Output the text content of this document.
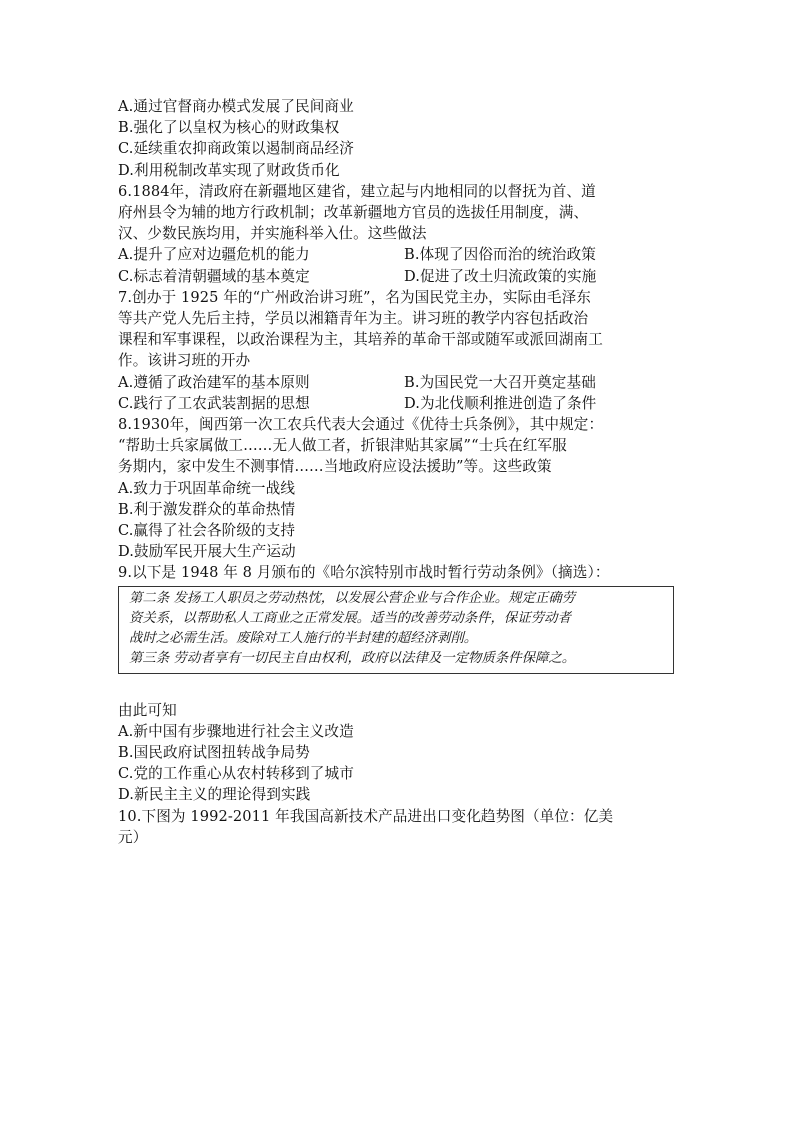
A.通过官督商办模式发展了民间商业
B.强化了以皇权为核心的财政集权
C.延续重农抑商政策以遏制商品经济
D.利用税制改革实现了财政货币化
6.1884年，清政府在新疆地区建省，建立起与内地相同的以督抚为首、道
府州县令为辅的地方行政机制；改革新疆地方官员的选拔任用制度，满、
汉、少数民族均用，并实施科举入仕。这些做法
A.提升了应对边疆危机的能力	B.体现了因俗而治的统治政策
C.标志着清朝疆域的基本奠定	D.促进了改土归流政策的实施
7.创办于 1925 年的“广州政治讲习班”，名为国民党主办，实际由毛泽东
等共产党人先后主持，学员以湘籍青年为主。讲习班的教学内容包括政治
课程和军事课程，以政治课程为主，其培养的革命干部或随军或派回湖南工
作。该讲习班的开办
A.遵循了政治建军的基本原则	B.为国民党一大召开奠定基础
C.践行了工农武装割据的思想	D.为北伐顺利推进创造了条件
8.1930年，闽西第一次工农兵代表大会通过《优待士兵条例》，其中规定：
“帮助士兵家属做工……无人做工者，折银津贴其家属”“士兵在红军服
务期内，家中发生不测事情……当地政府应设法援助”等。这些政策
A.致力于巩固革命统一战线
B.利于激发群众的革命热情
C.赢得了社会各阶级的支持
D.鼓励军民开展大生产运动
9.以下是 1948 年 8 月颁布的《哈尔滨特别市战时暂行劳动条例》（摘选）：
第二条 发扬工人职员之劳动热忱，以发展公营企业与合作企业。规定正确劳
资关系，以帮助私人工商业之正常发展。适当的改善劳动条件，保证劳动者
战时之必需生活。废除对工人施行的半封建的超经济剥削。
第三条 劳动者享有一切民主自由权利，政府以法律及一定物质条件保障之。
由此可知
A.新中国有步骤地进行社会主义改造
B.国民政府试图扭转战争局势
C.党的工作重心从农村转移到了城市
D.新民主主义的理论得到实践
10.下图为 1992-2011 年我国高新技术产品进出口变化趋势图（单位：亿美
元）
